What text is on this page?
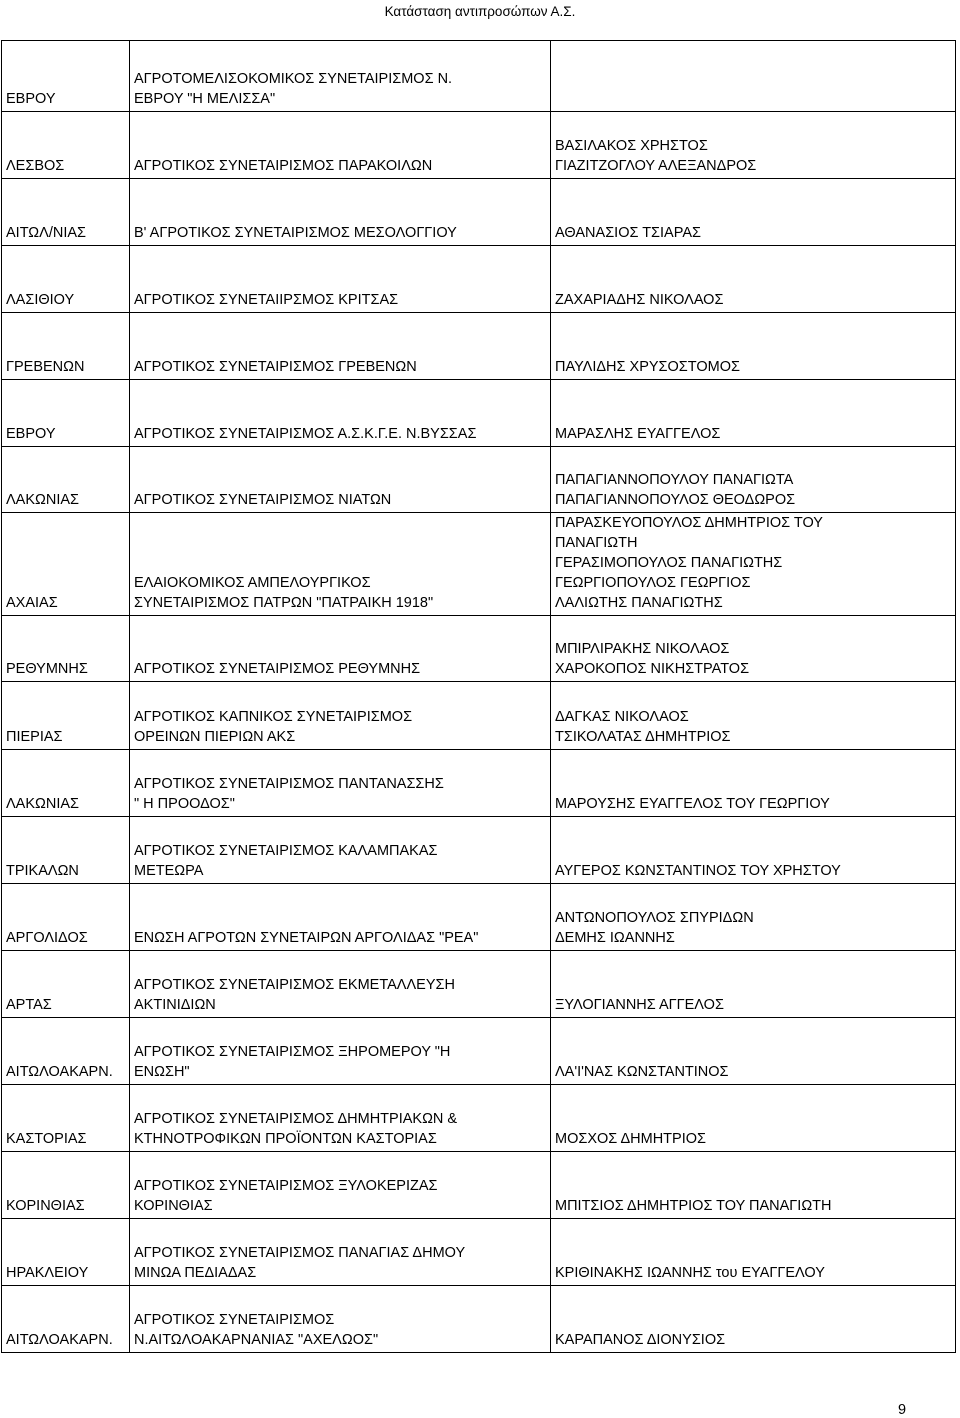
Κατάσταση αντιπροσώπων Α.Σ.
ΕΒΡΟΥ	ΑΓΡΟΤΟΜΕΛΙΣΟΚΟΜΙΚΟΣ ΣΥΝΕΤΑΙΡΙΣΜΟΣ Ν.
ΕΒΡΟΥ "Η ΜΕΛΙΣΣΑ"	

ΛΕΣΒΟΣ	ΑΓΡΟΤΙΚΟΣ ΣΥΝΕΤΑΙΡΙΣΜΟΣ ΠΑΡΑΚΟΙΛΩΝ	ΒΑΣΙΛΑΚΟΣ ΧΡΗΣΤΟΣ
ΓΙΑΖΙΤΖΟΓΛΟΥ ΑΛΕΞΑΝΔΡΟΣ

ΑΙΤΩΛ/ΝΙΑΣ	Β' ΑΓΡΟΤΙΚΟΣ ΣΥΝΕΤΑΙΡΙΣΜΟΣ ΜΕΣΟΛΟΓΓΙΟΥ	ΑΘΑΝΑΣΙΟΣ ΤΣΙΑΡΑΣ

ΛΑΣΙΘΙΟΥ	ΑΓΡΟΤΙΚΟΣ ΣΥΝΕΤΑΙΙΡΣΜΟΣ ΚΡΙΤΣΑΣ	ΖΑΧΑΡΙΑΔΗΣ ΝΙΚΟΛΑΟΣ

ΓΡΕΒΕΝΩΝ	ΑΓΡΟΤΙΚΟΣ ΣΥΝΕΤΑΙΡΙΣΜΟΣ ΓΡΕΒΕΝΩΝ	ΠΑΥΛΙΔΗΣ ΧΡΥΣΟΣΤΟΜΟΣ

ΕΒΡΟΥ	ΑΓΡΟΤΙΚΟΣ ΣΥΝΕΤΑΙΡΙΣΜΟΣ Α.Σ.Κ.Γ.Ε. Ν.ΒΥΣΣΑΣ	ΜΑΡΑΣΛΗΣ ΕΥΑΓΓΕΛΟΣ

ΛΑΚΩΝΙΑΣ	ΑΓΡΟΤΙΚΟΣ ΣΥΝΕΤΑΙΡΙΣΜΟΣ ΝΙΑΤΩΝ	ΠΑΠΑΓΙΑΝΝΟΠΟΥΛΟΥ ΠΑΝΑΓΙΩΤΑ
ΠΑΠΑΓΙΑΝΝΟΠΟΥΛΟΣ ΘΕΟΔΩΡΟΣ

ΑΧΑΙΑΣ	ΕΛΑΙΟΚΟΜΙΚΟΣ ΑΜΠΕΛΟΥΡΓΙΚΟΣ
ΣΥΝΕΤΑΙΡΙΣΜΟΣ ΠΑΤΡΩΝ "ΠΑΤΡΑΙΚΗ 1918"	ΠΑΡΑΣΚΕΥΟΠΟΥΛΟΣ ΔΗΜΗΤΡΙΟΣ ΤΟΥ
ΠΑΝΑΓΙΩΤΗ
ΓΕΡΑΣΙΜΟΠΟΥΛΟΣ ΠΑΝΑΓΙΩΤΗΣ
ΓΕΩΡΓΙΟΠΟΥΛΟΣ ΓΕΩΡΓΙΟΣ
ΛΑΛΙΩΤΗΣ ΠΑΝΑΓΙΩΤΗΣ

ΡΕΘΥΜΝΗΣ	ΑΓΡΟΤΙΚΟΣ ΣΥΝΕΤΑΙΡΙΣΜΟΣ ΡΕΘΥΜΝΗΣ	ΜΠΙΡΛΙΡΑΚΗΣ ΝΙΚΟΛΑΟΣ
ΧΑΡΟΚΟΠΟΣ ΝΙΚΗΣΤΡΑΤΟΣ

ΠΙΕΡΙΑΣ	ΑΓΡΟΤΙΚΟΣ ΚΑΠΝΙΚΟΣ ΣΥΝΕΤΑΙΡΙΣΜΟΣ
ΟΡΕΙΝΩΝ ΠΙΕΡΙΩΝ ΑΚΣ	ΔΑΓΚΑΣ ΝΙΚΟΛΑΟΣ
ΤΣΙΚΟΛΑΤΑΣ ΔΗΜΗΤΡΙΟΣ

ΛΑΚΩΝΙΑΣ	ΑΓΡΟΤΙΚΟΣ ΣΥΝΕΤΑΙΡΙΣΜΟΣ ΠΑΝΤΑΝΑΣΣΗΣ
" Η ΠΡΟΟΔΟΣ"	ΜΑΡΟΥΣΗΣ ΕΥΑΓΓΕΛΟΣ ΤΟΥ ΓΕΩΡΓΙΟΥ

ΤΡΙΚΑΛΩΝ	ΑΓΡΟΤΙΚΟΣ ΣΥΝΕΤΑΙΡΙΣΜΟΣ ΚΑΛΑΜΠΑΚΑΣ
ΜΕΤΕΩΡΑ	ΑΥΓΕΡΟΣ ΚΩΝΣΤΑΝΤΙΝΟΣ ΤΟΥ ΧΡΗΣΤΟΥ

ΑΡΓΟΛΙΔΟΣ	ΕΝΩΣΗ ΑΓΡΟΤΩΝ ΣΥΝΕΤΑΙΡΩΝ ΑΡΓΟΛΙΔΑΣ "ΡΕΑ"	ΑΝΤΩΝΟΠΟΥΛΟΣ ΣΠΥΡΙΔΩΝ
ΔΕΜΗΣ ΙΩΑΝΝΗΣ

ΑΡΤΑΣ	ΑΓΡΟΤΙΚΟΣ ΣΥΝΕΤΑΙΡΙΣΜΟΣ ΕΚΜΕΤΑΛΛΕΥΣΗ
ΑΚΤΙΝΙΔΙΩΝ	ΞΥΛΟΓΙΑΝΝΗΣ ΑΓΓΕΛΟΣ

ΑΙΤΩΛΟΑΚΑΡΝ.	ΑΓΡΟΤΙΚΟΣ ΣΥΝΕΤΑΙΡΙΣΜΟΣ ΞΗΡΟΜΕΡΟΥ "Η
ΕΝΩΣΗ"	ΛΑ'Ι'ΝΑΣ ΚΩΝΣΤΑΝΤΙΝΟΣ

ΚΑΣΤΟΡΙΑΣ	ΑΓΡΟΤΙΚΟΣ ΣΥΝΕΤΑΙΡΙΣΜΟΣ ΔΗΜΗΤΡΙΑΚΩΝ &
ΚΤΗΝΟΤΡΟΦΙΚΩΝ ΠΡΟΪΟΝΤΩΝ ΚΑΣΤΟΡΙΑΣ	ΜΟΣΧΟΣ ΔΗΜΗΤΡΙΟΣ

ΚΟΡΙΝΘΙΑΣ	ΑΓΡΟΤΙΚΟΣ ΣΥΝΕΤΑΙΡΙΣΜΟΣ ΞΥΛΟΚΕΡΙΖΑΣ
ΚΟΡΙΝΘΙΑΣ	ΜΠΙΤΣΙΟΣ ΔΗΜΗΤΡΙΟΣ ΤΟΥ ΠΑΝΑΓΙΩΤΗ

ΗΡΑΚΛΕΙΟΥ	ΑΓΡΟΤΙΚΟΣ ΣΥΝΕΤΑΙΡΙΣΜΟΣ ΠΑΝΑΓΙΑΣ ΔΗΜΟΥ
ΜΙΝΩΑ ΠΕΔΙΑΔΑΣ	ΚΡΙΘΙΝΑΚΗΣ ΙΩΑΝΝΗΣ του ΕΥΑΓΓΕΛΟΥ

ΑΙΤΩΛΟΑΚΑΡΝ.	ΑΓΡΟΤΙΚΟΣ ΣΥΝΕΤΑΙΡΙΣΜΟΣ
Ν.ΑΙΤΩΛΟΑΚΑΡΝΑΝΙΑΣ "ΑΧΕΛΩΟΣ"	ΚΑΡΑΠΑΝΟΣ ΔΙΟΝΥΣΙΟΣ
9
